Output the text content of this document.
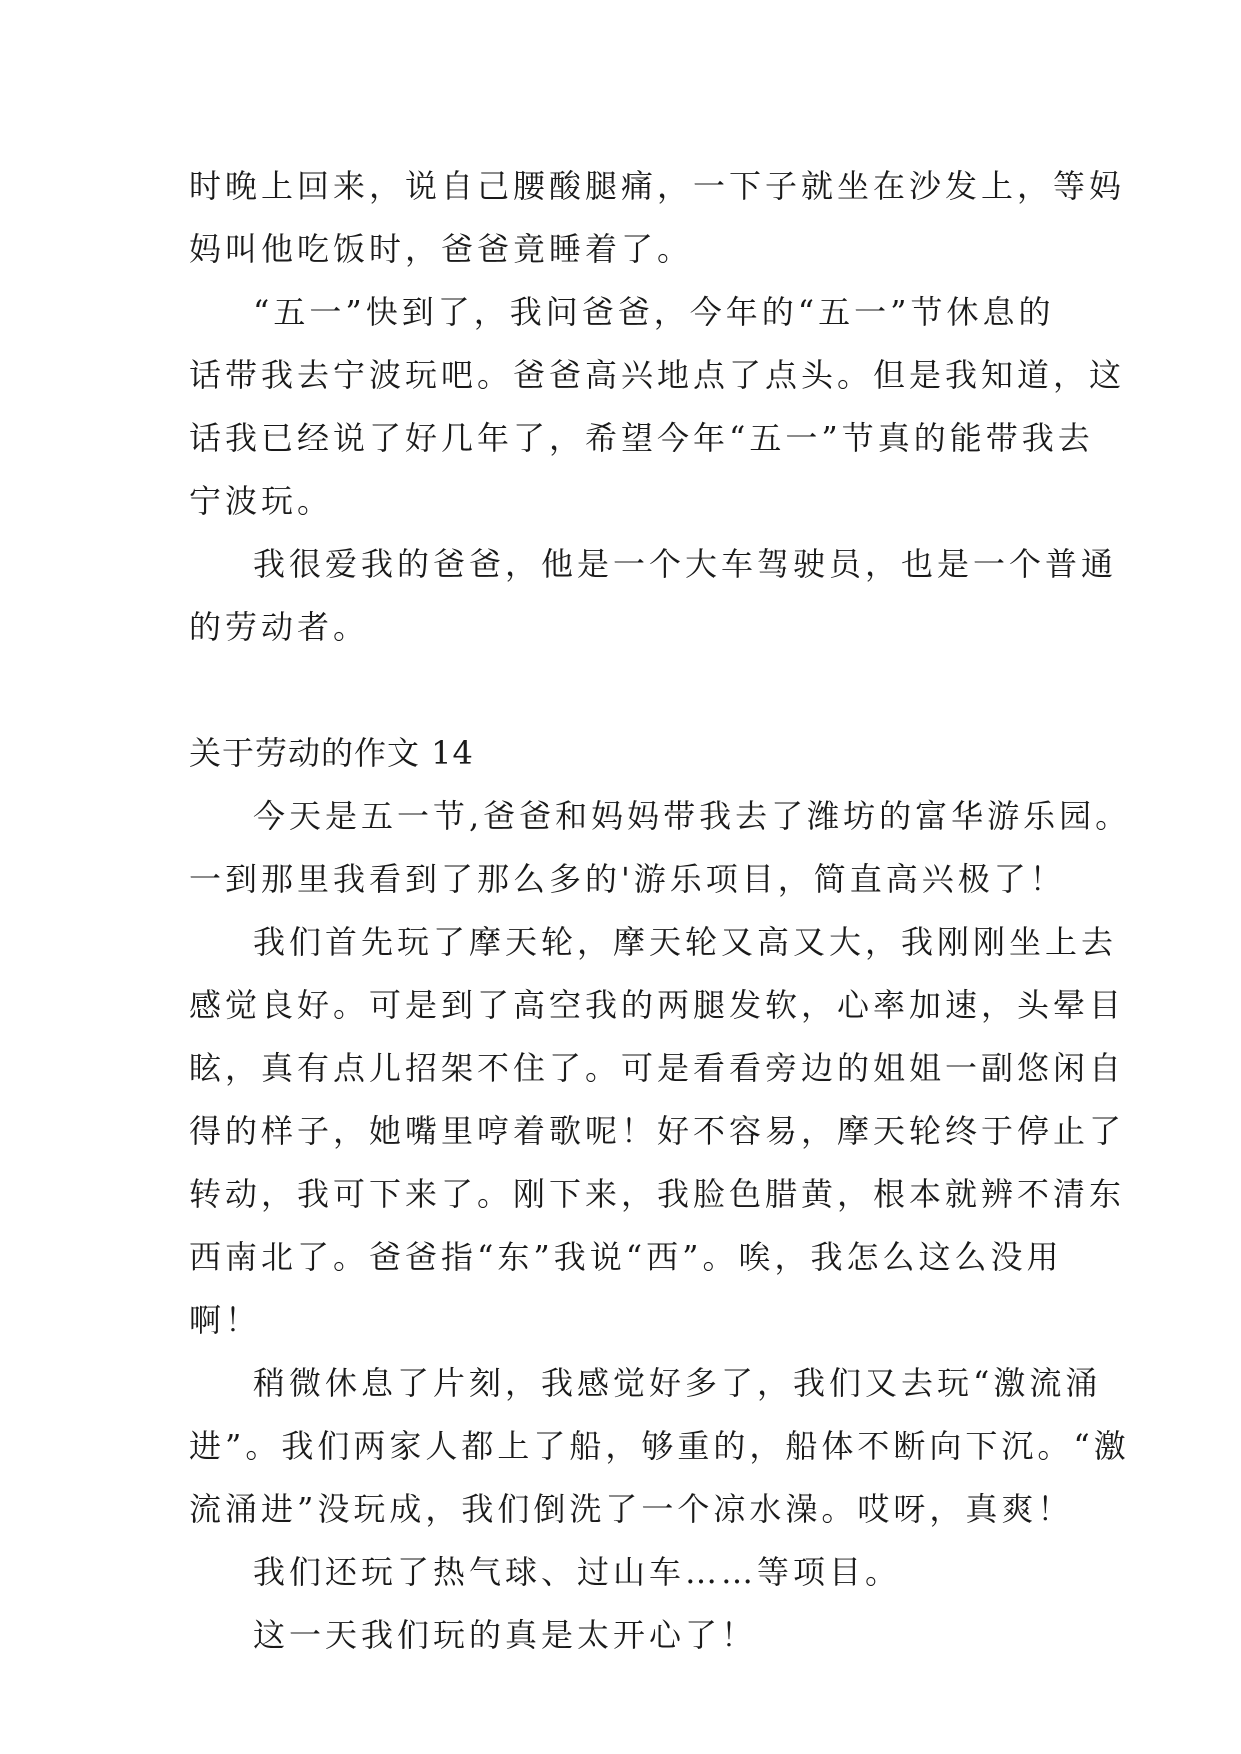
时晚上回来，说自己腰酸腿痛，一下子就坐在沙发上，等妈
妈叫他吃饭时，爸爸竟睡着了。
“五一”快到了，我问爸爸，今年的“五一”节休息的
话带我去宁波玩吧。爸爸高兴地点了点头。但是我知道，这
话我已经说了好几年了，希望今年“五一”节真的能带我去
宁波玩。
我很爱我的爸爸，他是一个大车驾驶员，也是一个普通
的劳动者。
关于劳动的作文 14
今天是五一节,爸爸和妈妈带我去了潍坊的富华游乐园。
一到那里我看到了那么多的'游乐项目，简直高兴极了！
我们首先玩了摩天轮，摩天轮又高又大，我刚刚坐上去
感觉良好。可是到了高空我的两腿发软，心率加速，头晕目
眩，真有点儿招架不住了。可是看看旁边的姐姐一副悠闲自
得的样子，她嘴里哼着歌呢！好不容易，摩天轮终于停止了
转动，我可下来了。刚下来，我脸色腊黄，根本就辨不清东
西南北了。爸爸指“东”我说“西”。唉，我怎么这么没用
啊！
稍微休息了片刻，我感觉好多了，我们又去玩“激流涌
进”。我们两家人都上了船，够重的，船体不断向下沉。“激
流涌进”没玩成，我们倒洗了一个凉水澡。哎呀，真爽！
我们还玩了热气球、过山车……等项目。
这一天我们玩的真是太开心了！
